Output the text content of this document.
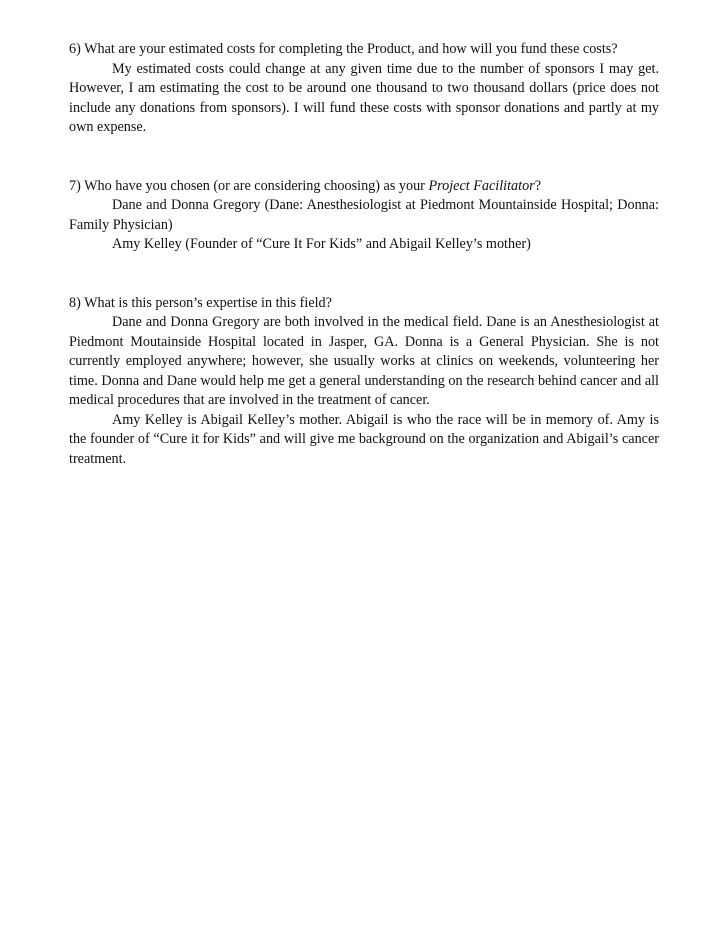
6) What are your estimated costs for completing the Product, and how will you fund these costs?

My estimated costs could change at any given time due to the number of sponsors I may get. However, I am estimating the cost to be around one thousand to two thousand dollars (price does not include any donations from sponsors). I will fund these costs with sponsor donations and partly at my own expense.

7) Who have you chosen (or are considering choosing) as your Project Facilitator?

Dane and Donna Gregory (Dane: Anesthesiologist at Piedmont Mountainside Hospital; Donna: Family Physician)

Amy Kelley (Founder of “Cure It For Kids” and Abigail Kelley’s mother)

8) What is this person’s expertise in this field?

Dane and Donna Gregory are both involved in the medical field. Dane is an Anesthesiologist at Piedmont Moutainside Hospital located in Jasper, GA. Donna is a General Physician. She is not currently employed anywhere; however, she usually works at clinics on weekends, volunteering her time. Donna and Dane would help me get a general understanding on the research behind cancer and all medical procedures that are involved in the treatment of cancer.

Amy Kelley is Abigail Kelley’s mother. Abigail is who the race will be in memory of. Amy is the founder of “Cure it for Kids” and will give me background on the organization and Abigail’s cancer treatment.
